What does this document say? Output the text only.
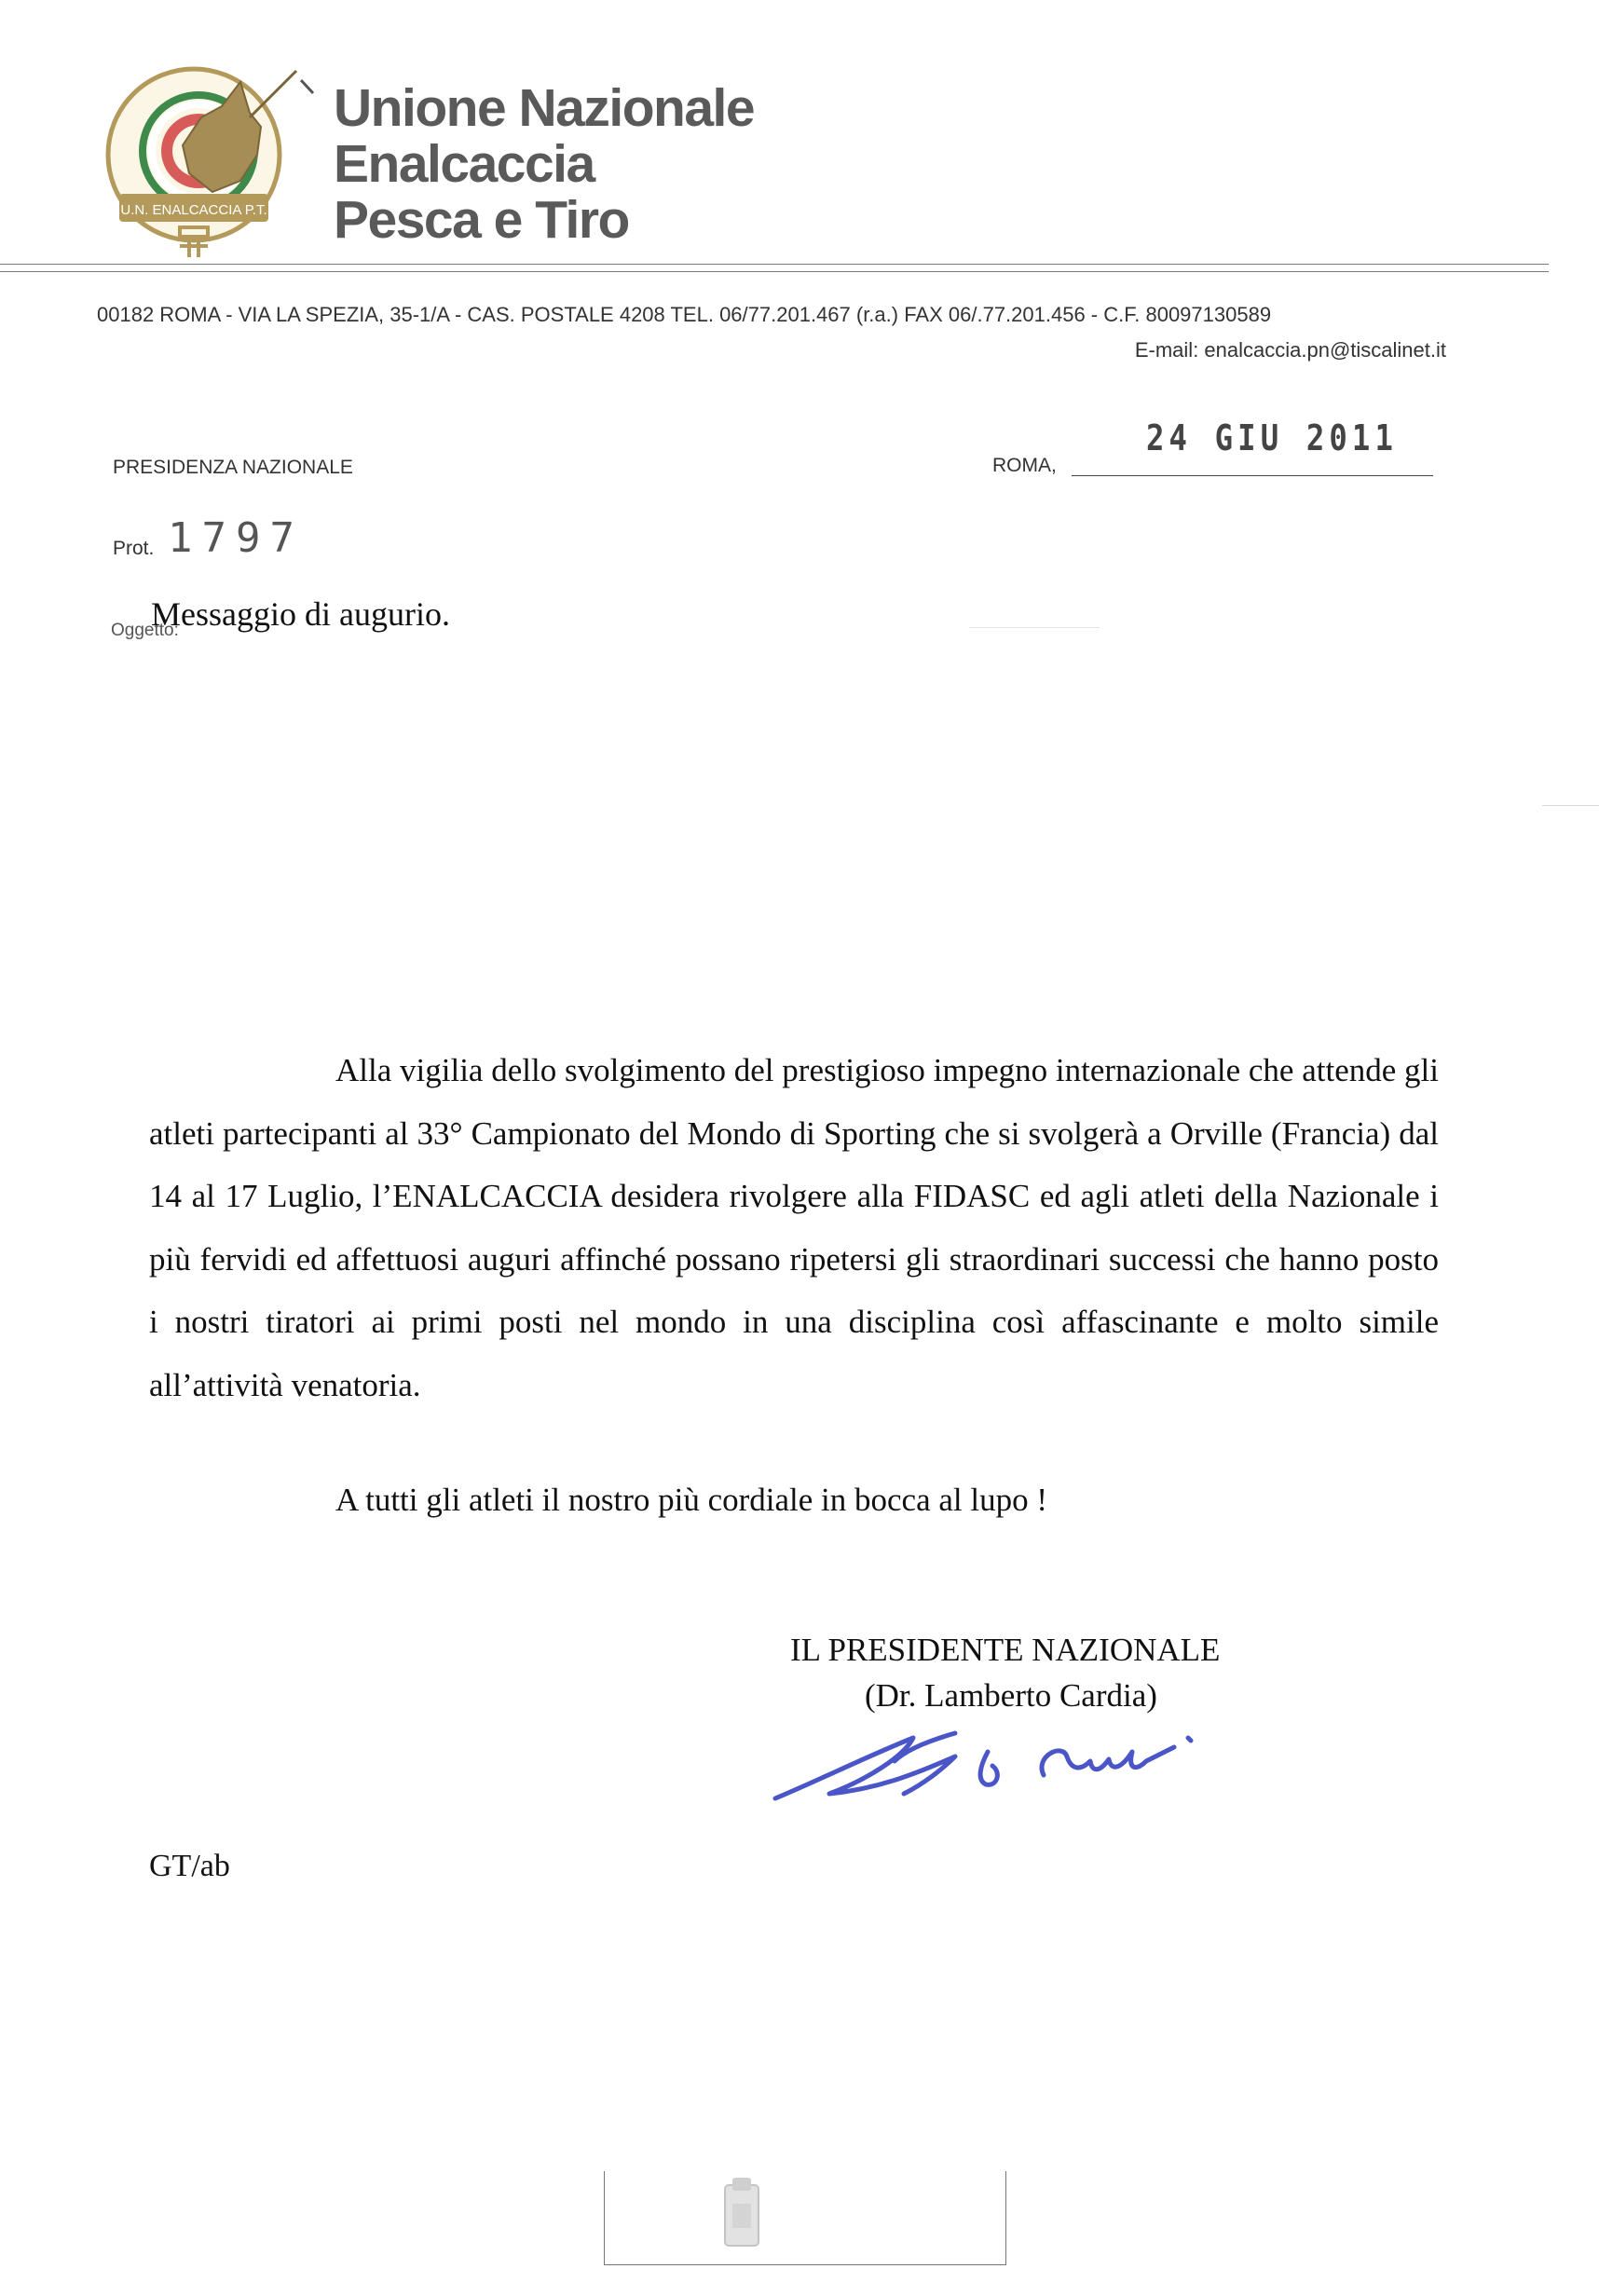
U.N. ENALCACCIA P.T.
Unione Nazionale
Enalcaccia
Pesca e Tiro
00182 ROMA - VIA LA SPEZIA, 35-1/A - CAS. POSTALE 4208 TEL. 06/77.201.467 (r.a.) FAX 06/.77.201.456 - C.F. 80097130589
E-mail: enalcaccia.pn@tiscalinet.it
PRESIDENZA NAZIONALE	ROMA,
24 GIU 2011
Prot. 1797
Oggetto:
Messaggio di augurio.

Alla vigilia dello svolgimento del prestigioso impegno internazionale che attende gli atleti partecipanti al 33° Campionato del Mondo di Sporting che si svolgerà a Orville (Francia) dal 14 al 17 Luglio, l’ENALCACCIA desidera rivolgere alla FIDASC ed agli atleti della Nazionale i più fervidi ed affettuosi auguri affinché possano ripetersi gli straordinari successi che hanno posto i nostri tiratori ai primi posti nel mondo in una disciplina così affascinante e molto simile all’attività venatoria.

A tutti gli atleti il nostro più cordiale in bocca al lupo !
IL PRESIDENTE NAZIONALE
(Dr. Lamberto Cardia)
GT/ab
